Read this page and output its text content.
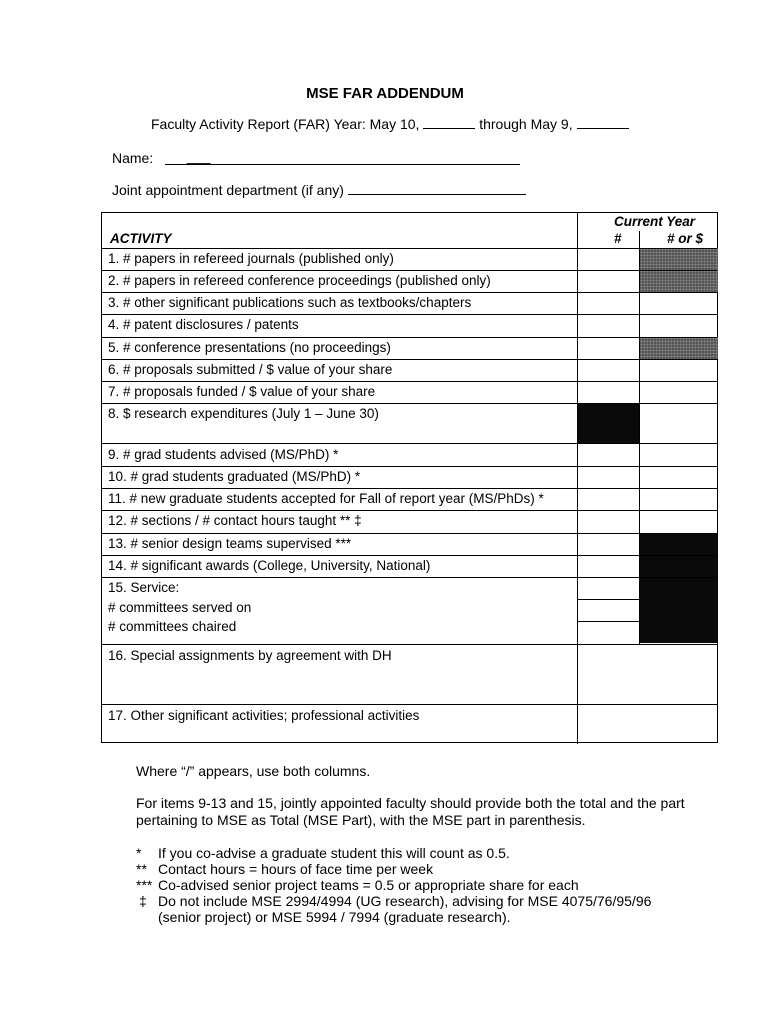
MSE FAR ADDENDUM
Faculty Activity Report (FAR) Year: May 10,	through May 9,
Name: ___
Joint appointment department (if any)
Current Year
ACTIVITY	#	# or $
1. # papers in refereed journals (published only)
2. # papers in refereed conference proceedings (published only)
3. # other significant publications such as textbooks/chapters
4. # patent disclosures / patents
5. # conference presentations (no proceedings)
6. # proposals submitted / $ value of your share
7. # proposals funded / $ value of your share
8. $ research expenditures (July 1 – June 30)
9. # grad students advised (MS/PhD) *
10. # grad students graduated (MS/PhD) *
11. # new graduate students accepted for Fall of report year (MS/PhDs) *
12. # sections / # contact hours taught ** ‡
13. # senior design teams supervised ***
14. # significant awards (College, University, National)
15. Service:
# committees served on
# committees chaired
16. Special assignments by agreement with DH
17. Other significant activities; professional activities
Where “/” appears, use both columns.
For items 9-13 and 15, jointly appointed faculty should provide both the total and the part
pertaining to MSE as Total (MSE Part), with the MSE part in parenthesis.
* If you co-advise a graduate student this will count as 0.5.
** Contact hours = hours of face time per week
*** Co-advised senior project teams = 0.5 or appropriate share for each
‡ Do not include MSE 2994/4994 (UG research), advising for MSE 4075/76/95/96
(senior project) or MSE 5994 / 7994 (graduate research).
